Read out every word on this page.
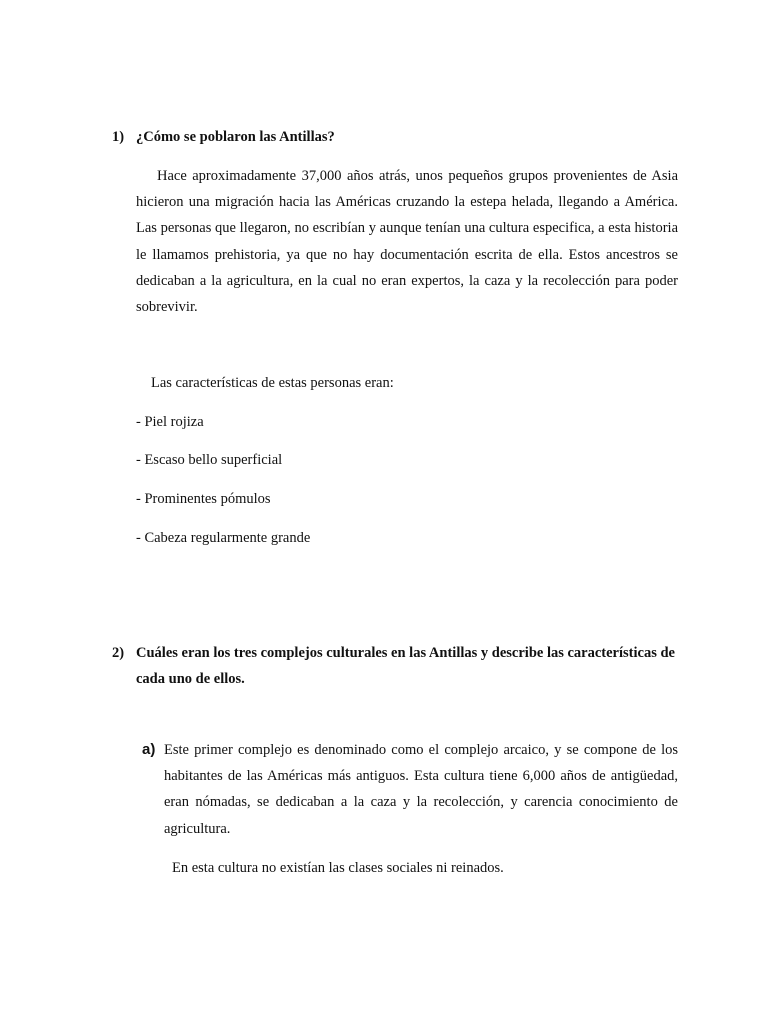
1) ¿Cómo se poblaron las Antillas?
Hace aproximadamente 37,000 años atrás, unos pequeños grupos provenientes de Asia hicieron una migración hacia las Américas cruzando la estepa helada, llegando a América. Las personas que llegaron, no escribían y aunque tenían una cultura especifica, a esta historia le llamamos prehistoria, ya que no hay documentación escrita de ella. Estos ancestros se dedicaban a la agricultura, en la cual no eran expertos, la caza y la recolección para poder sobrevivir.
Las características de estas personas eran:
- Piel rojiza
- Escaso bello superficial
- Prominentes pómulos
- Cabeza regularmente grande
2) Cuáles eran los tres complejos culturales en las Antillas y describe las características de cada uno de ellos.
a) Este primer complejo es denominado como el complejo arcaico, y se compone de los habitantes de las Américas más antiguos. Esta cultura tiene 6,000 años de antigüedad, eran nómadas, se dedicaban a la caza y la recolección, y carencia conocimiento de agricultura.
En esta cultura no existían las clases sociales ni reinados.
